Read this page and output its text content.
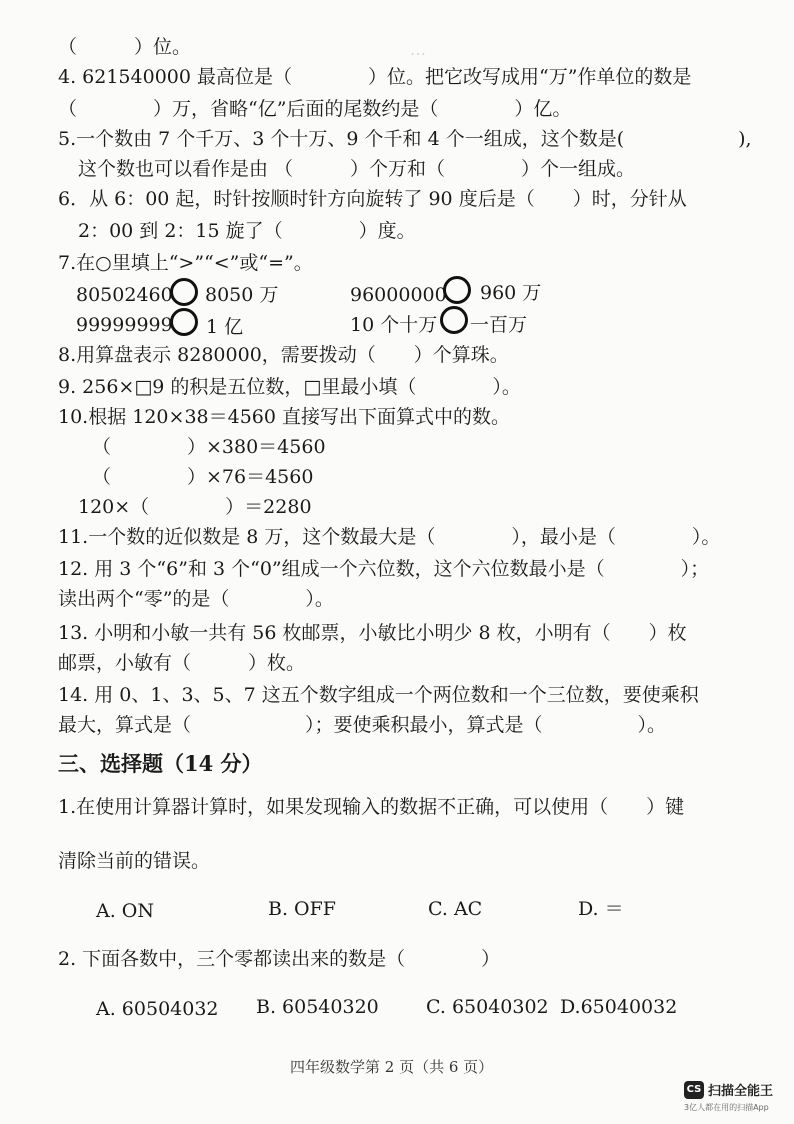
…
（　　　）位。
4. 621540000 最高位是（　　　　）位。把它改写成用“万”作单位的数是
（　　　　）万，省略“亿”后面的尾数约是（　　　　）亿。
5.一个数由 7 个千万、3 个十万、9 个千和 4 个一组成，这个数是(　　　　　　),
这个数也可以看作是由 （　　　）个万和（　　　　）个一组成。
6．从 6：00 起，时针按顺时针方向旋转了 90 度后是（　　）时，分针从
2：00 到 2：15 旋了（　　　　）度。
7.在○里填上“>”“<”或“=”。
80502460 8050 万	96000000 960 万
99999999 1 亿	10 个十万 一百万
8.用算盘表示 8280000，需要拨动（　　）个算珠。
9. 256×□9 的积是五位数，□里最小填（　　　　）。
10.根据 120×38＝4560 直接写出下面算式中的数。
（　　　　）×380＝4560
（　　　　）×76＝4560
120×（　　　　）＝2280
11.一个数的近似数是 8 万，这个数最大是（　　　　），最小是（　　　　）。
12. 用 3 个“6”和 3 个“0”组成一个六位数，这个六位数最小是（　　　　）；
读出两个“零”的是（　　　　）。
13. 小明和小敏一共有 56 枚邮票，小敏比小明少 8 枚，小明有（　　）枚
邮票，小敏有（　　　）枚。
14. 用 0、1、3、5、7 这五个数字组成一个两位数和一个三位数，要使乘积
最大，算式是（　　　　　　）；要使乘积最小，算式是（　　　　　）。
三、选择题（14 分）
1.在使用计算器计算时，如果发现输入的数据不正确，可以使用（　　）键
清除当前的错误。
A. ON	B. OFF	C. AC	D. ＝
2. 下面各数中，三个零都读出来的数是（　　　　）
A. 60504032 B. 60540320 C. 65040302 D.65040032
四年级数学第 2 页（共 6 页）
CS 扫描全能王
3亿人都在用的扫描App
